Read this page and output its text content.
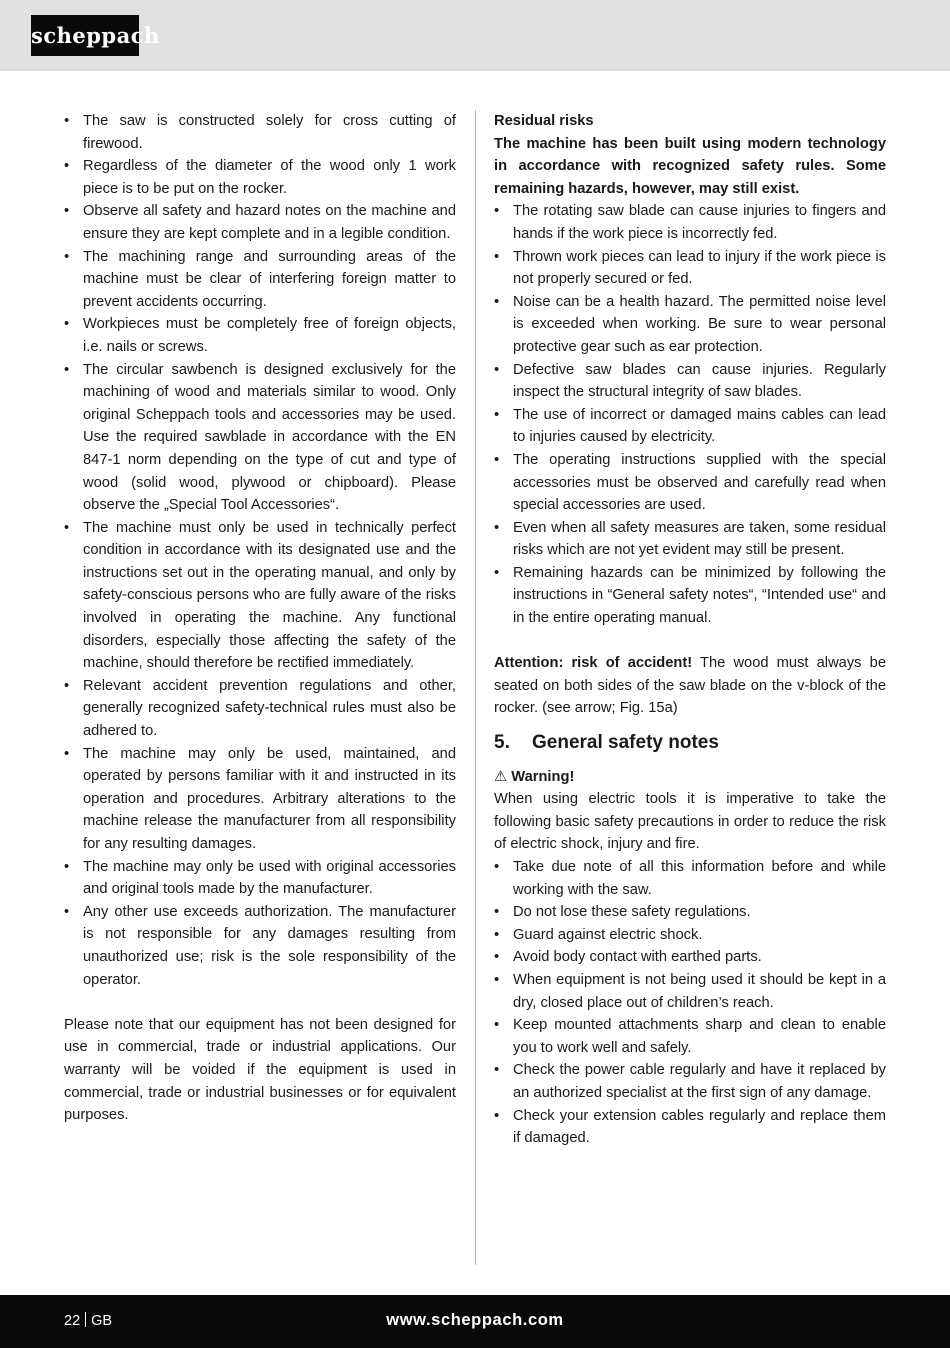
scheppach
• The saw is constructed solely for cross cutting of firewood.
• Regardless of the diameter of the wood only 1 work piece is to be put on the rocker.
• Observe all safety and hazard notes on the machine and ensure they are kept complete and in a legible condition.
• The machining range and surrounding areas of the machine must be clear of interfering foreign matter to prevent accidents occurring.
• Workpieces must be completely free of foreign objects, i.e. nails or screws.
• The circular sawbench is designed exclusively for the machining of wood and materials similar to wood. Only original Scheppach tools and accessories may be used. Use the required sawblade in accordance with the EN 847-1 norm depending on the type of cut and type of wood (solid wood, plywood or chipboard). Please observe the „Special Tool Accessories“.
• The machine must only be used in technically perfect condition in accordance with its designated use and the instructions set out in the operating manual, and only by safety-conscious persons who are fully aware of the risks involved in operating the machine. Any functional disorders, especially those affecting the safety of the machine, should therefore be rectified immediately.
• Relevant accident prevention regulations and other, generally recognized safety-technical rules must also be adhered to.
• The machine may only be used, maintained, and operated by persons familiar with it and instructed in its operation and procedures. Arbitrary alterations to the machine release the manufacturer from all responsibility for any resulting damages.
• The machine may only be used with original accessories and original tools made by the manufacturer.
• Any other use exceeds authorization. The manufacturer is not responsible for any damages resulting from unauthorized use; risk is the sole responsibility of the operator.

Please note that our equipment has not been designed for use in commercial, trade or industrial applications. Our warranty will be voided if the equipment is used in commercial, trade or industrial businesses or for equivalent purposes.

Residual risks

The machine has been built using modern technology in accordance with recognized safety rules. Some remaining hazards, however, may still exist.

• The rotating saw blade can cause injuries to fingers and hands if the work piece is incorrectly fed.
• Thrown work pieces can lead to injury if the work piece is not properly secured or fed.
• Noise can be a health hazard. The permitted noise level is exceeded when working. Be sure to wear personal protective gear such as ear protection.
• Defective saw blades can cause injuries. Regularly inspect the structural integrity of saw blades.
• The use of incorrect or damaged mains cables can lead to injuries caused by electricity.
• The operating instructions supplied with the special accessories must be observed and carefully read when special accessories are used.
• Even when all safety measures are taken, some residual risks which are not yet evident may still be present.
• Remaining hazards can be minimized by following the instructions in “General safety notes“, “Intended use“ and in the entire operating manual.

Attention: risk of accident! The wood must always be seated on both sides of the saw blade on the v-block of the rocker. (see arrow; Fig. 15a)

5. General safety notes

⚠ Warning!

When using electric tools it is imperative to take the following basic safety precautions in order to reduce the risk of electric shock, injury and fire.

• Take due note of all this information before and while working with the saw.
• Do not lose these safety regulations.
• Guard against electric shock.
• Avoid body contact with earthed parts.
• When equipment is not being used it should be kept in a dry, closed place out of children’s reach.
• Keep mounted attachments sharp and clean to enable you to work well and safely.
• Check the power cable regularly and have it replaced by an authorized specialist at the first sign of any damage.
• Check your extension cables regularly and replace them if damaged.
22 GB	www.scheppach.com
